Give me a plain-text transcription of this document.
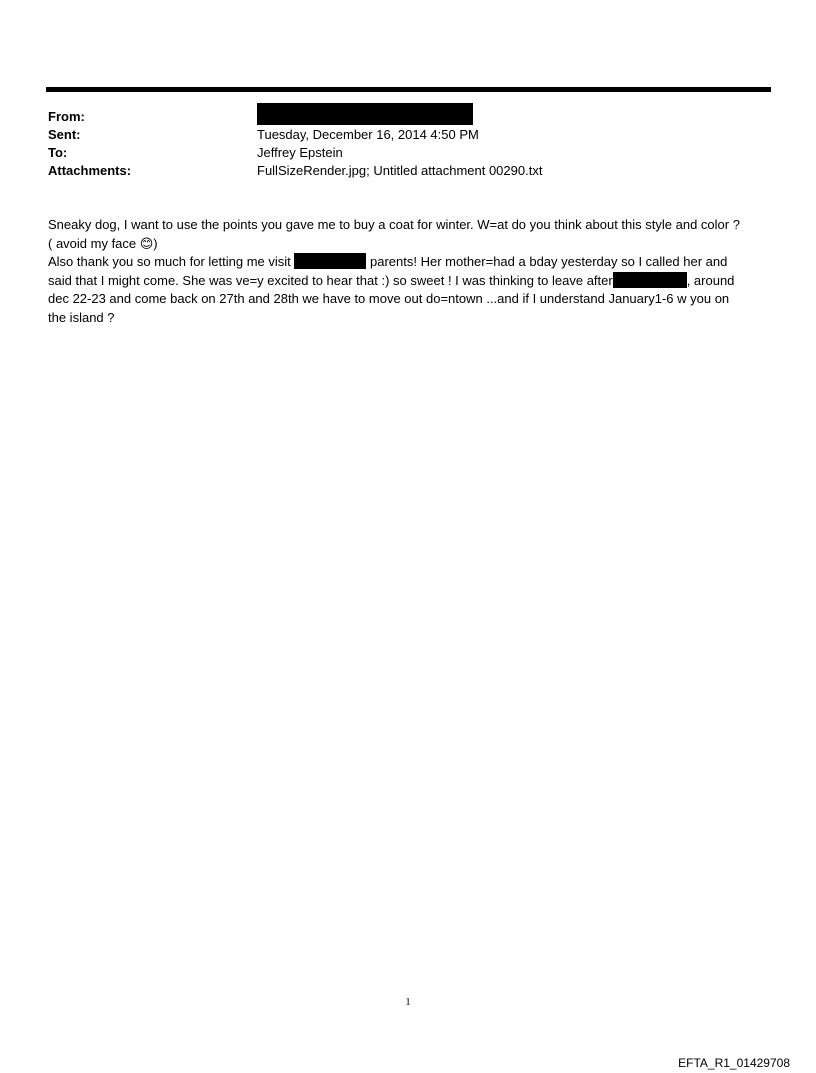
From:
Sent:	Tuesday, December 16, 2014 4:50 PM
To:	Jeffrey Epstein
Attachments:	FullSizeRender.jpg; Untitled attachment 00290.txt

Sneaky dog, I want to use the points you gave me to buy a coat for winter. W=at do you think about this style and color ?

( avoid my face 😊)

Also thank you so much for letting me visit	parents! Her mother=had a bday yesterday so I called her and

said that I might come. She was ve=y excited to hear that :) so sweet ! I was thinking to leave after	, around

dec 22-23 and come back on 27th and 28th we have to move out do=ntown ...and if I understand January1-6 w you on

the island ?

1
EFTA_R1_01429708
